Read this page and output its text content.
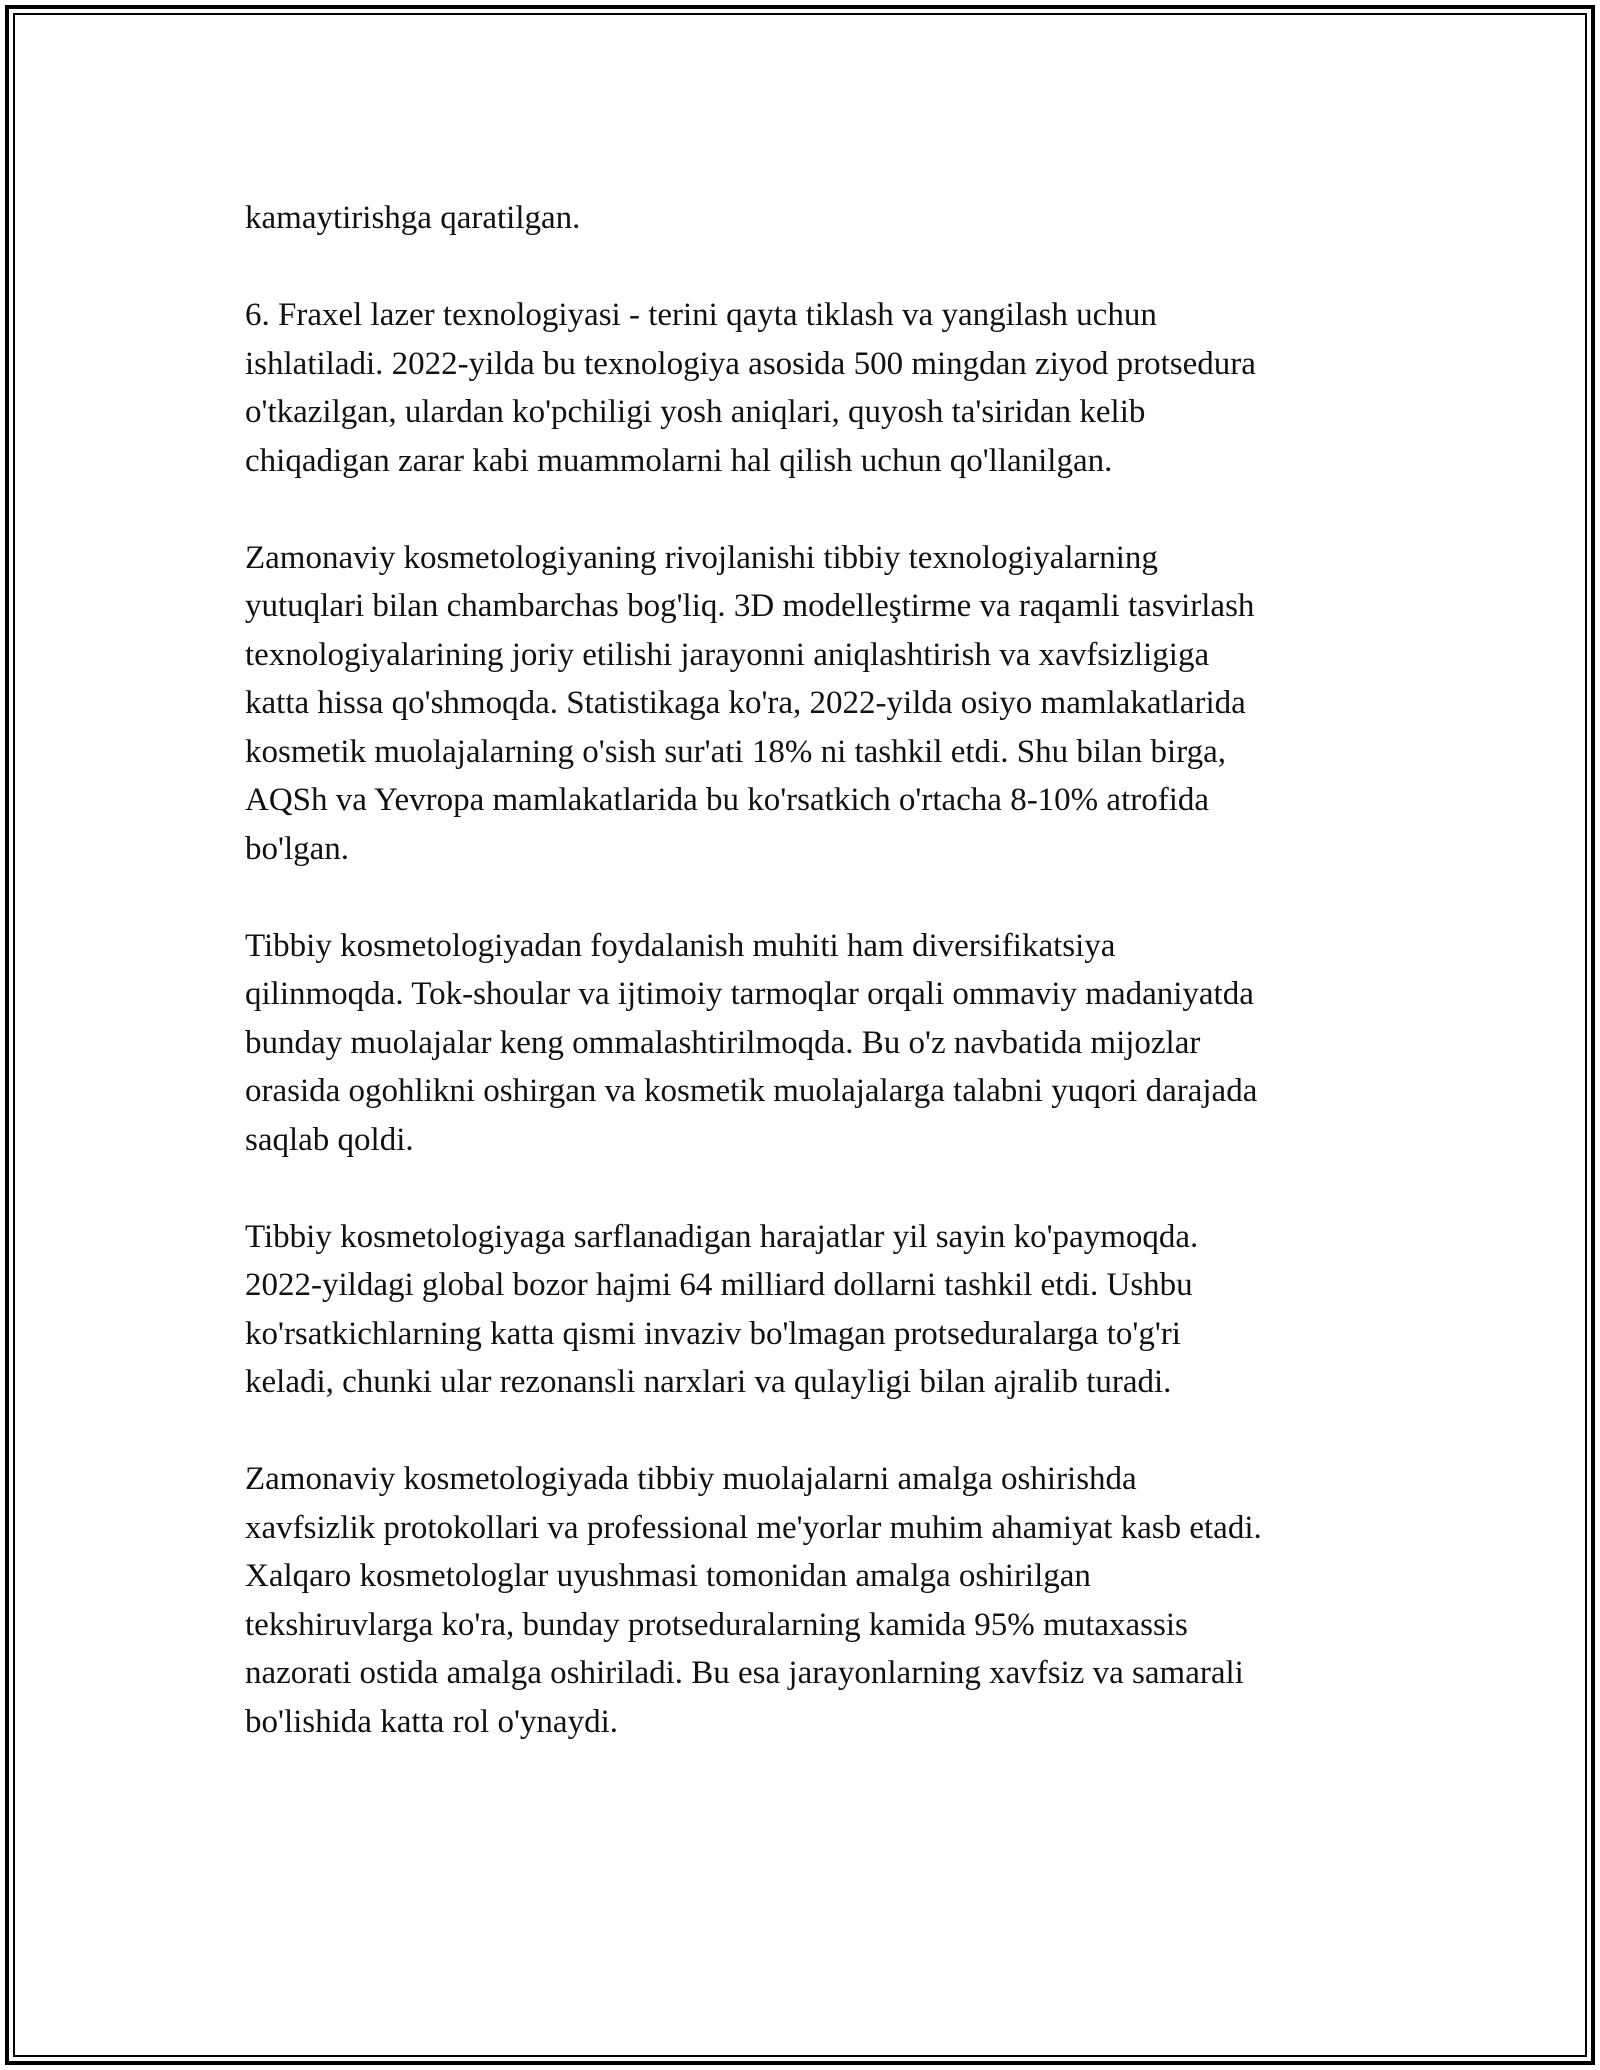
kamaytirishga qaratilgan.

6. Fraxel lazer texnologiyasi - terini qayta tiklash va yangilash uchun
ishlatiladi. 2022-yilda bu texnologiya asosida 500 mingdan ziyod protsedura
o'tkazilgan, ulardan ko'pchiligi yosh aniqlari, quyosh ta'siridan kelib
chiqadigan zarar kabi muammolarni hal qilish uchun qo'llanilgan.

Zamonaviy kosmetologiyaning rivojlanishi tibbiy texnologiyalarning
yutuqlari bilan chambarchas bog'liq. 3D modelleştirme va raqamli tasvirlash
texnologiyalarining joriy etilishi jarayonni aniqlashtirish va xavfsizligiga
katta hissa qo'shmoqda. Statistikaga ko'ra, 2022-yilda osiyo mamlakatlarida
kosmetik muolajalarning o'sish sur'ati 18% ni tashkil etdi. Shu bilan birga,
AQSh va Yevropa mamlakatlarida bu ko'rsatkich o'rtacha 8-10% atrofida
bo'lgan.

Tibbiy kosmetologiyadan foydalanish muhiti ham diversifikatsiya
qilinmoqda. Tok-shoular va ijtimoiy tarmoqlar orqali ommaviy madaniyatda
bunday muolajalar keng ommalashtirilmoqda. Bu o'z navbatida mijozlar
orasida ogohlikni oshirgan va kosmetik muolajalarga talabni yuqori darajada
saqlab qoldi.

Tibbiy kosmetologiyaga sarflanadigan harajatlar yil sayin ko'paymoqda.
2022-yildagi global bozor hajmi 64 milliard dollarni tashkil etdi. Ushbu
ko'rsatkichlarning katta qismi invaziv bo'lmagan protseduralarga to'g'ri
keladi, chunki ular rezonansli narxlari va qulayligi bilan ajralib turadi.

Zamonaviy kosmetologiyada tibbiy muolajalarni amalga oshirishda
xavfsizlik protokollari va professional me'yorlar muhim ahamiyat kasb etadi.
Xalqaro kosmetologlar uyushmasi tomonidan amalga oshirilgan
tekshiruvlarga ko'ra, bunday protseduralarning kamida 95% mutaxassis
nazorati ostida amalga oshiriladi. Bu esa jarayonlarning xavfsiz va samarali
bo'lishida katta rol o'ynaydi.
